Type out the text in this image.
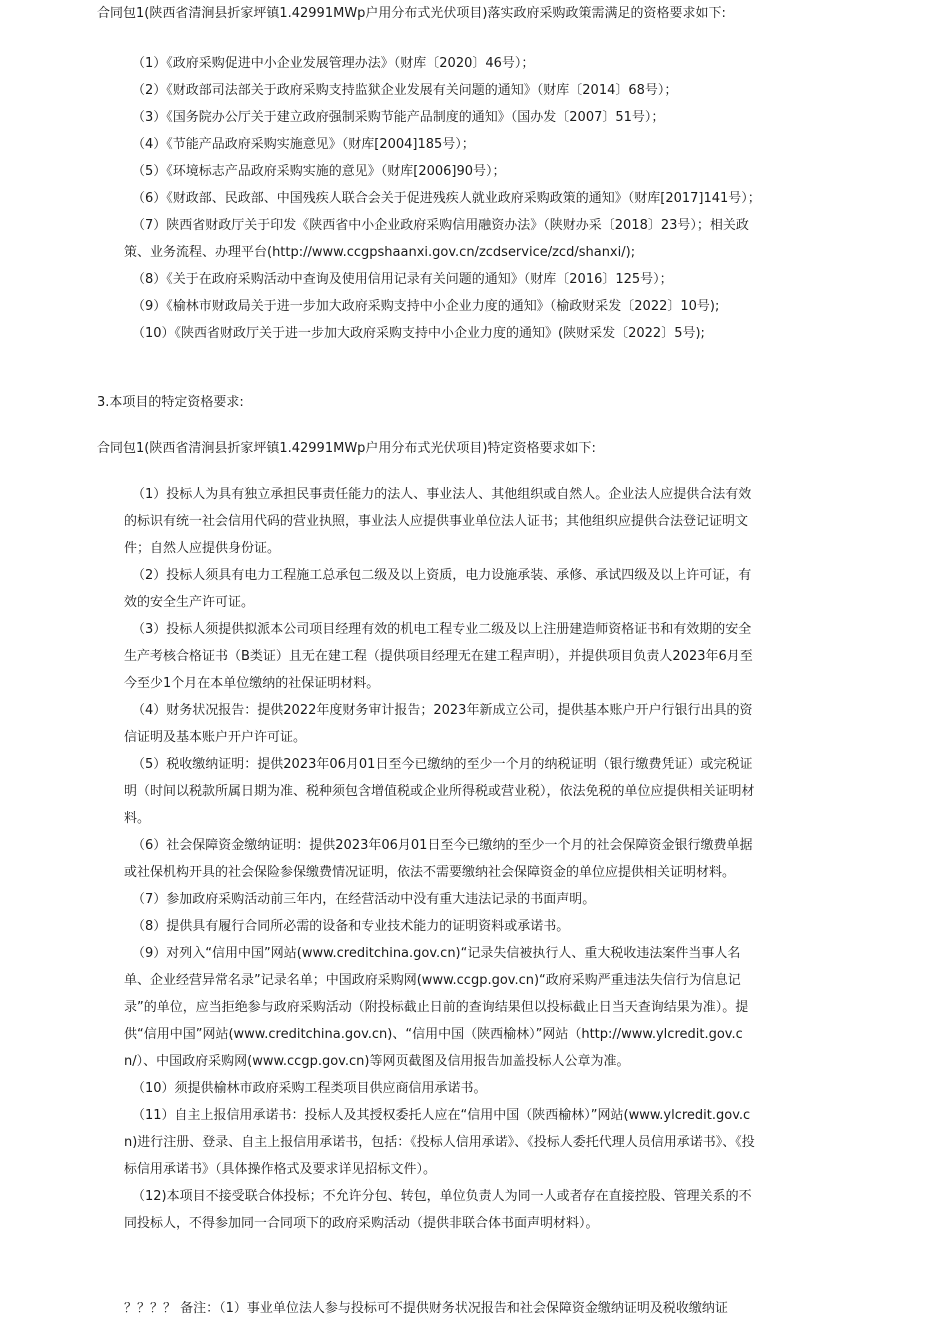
合同包1(陕西省清涧县折家坪镇1.42991MWp户用分布式光伏项目)落实政府采购政策需满足的资格要求如下:
（1）《政府采购促进中小企业发展管理办法》（财库〔2020〕46号）；
（2）《财政部司法部关于政府采购支持监狱企业发展有关问题的通知》（财库〔2014〕68号）；
（3）《国务院办公厅关于建立政府强制采购节能产品制度的通知》（国办发〔2007〕51号）；
（4）《节能产品政府采购实施意见》（财库[2004]185号）；
（5）《环境标志产品政府采购实施的意见》（财库[2006]90号）；
（6）《财政部、民政部、中国残疾人联合会关于促进残疾人就业政府采购政策的通知》（财库[2017]141号）；
（7）陕西省财政厅关于印发《陕西省中小企业政府采购信用融资办法》（陕财办采〔2018〕23号）；相关政策、业务流程、办理平台(http://www.ccgpshaanxi.gov.cn/zcdservice/zcd/shanxi/);
（8）《关于在政府采购活动中查询及使用信用记录有关问题的通知》（财库〔2016〕125号）；
（9）《榆林市财政局关于进一步加大政府采购支持中小企业力度的通知》（榆政财采发〔2022〕10号);
（10）《陕西省财政厅关于进一步加大政府采购支持中小企业力度的通知》(陕财采发〔2022〕5号);
3.本项目的特定资格要求:
合同包1(陕西省清涧县折家坪镇1.42991MWp户用分布式光伏项目)特定资格要求如下:
（1）投标人为具有独立承担民事责任能力的法人、事业法人、其他组织或自然人。企业法人应提供合法有效的标识有统一社会信用代码的营业执照，事业法人应提供事业单位法人证书；其他组织应提供合法登记证明文件；自然人应提供身份证。
（2）投标人须具有电力工程施工总承包二级及以上资质，电力设施承装、承修、承试四级及以上许可证，有效的安全生产许可证。
（3）投标人须提供拟派本公司项目经理有效的机电工程专业二级及以上注册建造师资格证书和有效期的安全生产考核合格证书（B类证）且无在建工程（提供项目经理无在建工程声明），并提供项目负责人2023年6月至今至少1个月在本单位缴纳的社保证明材料。
（4）财务状况报告：提供2022年度财务审计报告；2023年新成立公司，提供基本账户开户行银行出具的资信证明及基本账户开户许可证。
（5）税收缴纳证明：提供2023年06月01日至今已缴纳的至少一个月的纳税证明（银行缴费凭证）或完税证明（时间以税款所属日期为准、税种须包含增值税或企业所得税或营业税），依法免税的单位应提供相关证明材料。
（6）社会保障资金缴纳证明：提供2023年06月01日至今已缴纳的至少一个月的社会保障资金银行缴费单据或社保机构开具的社会保险参保缴费情况证明，依法不需要缴纳社会保障资金的单位应提供相关证明材料。
（7）参加政府采购活动前三年内，在经营活动中没有重大违法记录的书面声明。
（8）提供具有履行合同所必需的设备和专业技术能力的证明资料或承诺书。
（9）对列入“信用中国”网站(www.creditchina.gov.cn)“记录失信被执行人、重大税收违法案件当事人名单、企业经营异常名录”记录名单；中国政府采购网(www.ccgp.gov.cn)“政府采购严重违法失信行为信息记录”的单位，应当拒绝参与政府采购活动（附投标截止日前的查询结果但以投标截止日当天查询结果为准）。提供“信用中国”网站(www.creditchina.gov.cn)、“信用中国（陕西榆林）”网站（http://www.ylcredit.gov.cn/）、中国政府采购网(www.ccgp.gov.cn)等网页截图及信用报告加盖投标人公章为准。
（10）须提供榆林市政府采购工程类项目供应商信用承诺书。
（11）自主上报信用承诺书：投标人及其授权委托人应在“信用中国（陕西榆林）”网站(www.ylcredit.gov.cn)进行注册、登录、自主上报信用承诺书，包括：《投标人信用承诺》、《投标人委托代理人员信用承诺书》、《投标信用承诺书》（具体操作格式及要求详见招标文件）。
（12)本项目不接受联合体投标；不允许分包、转包，单位负责人为同一人或者存在直接控股、管理关系的不同投标人，不得参加同一合同项下的政府采购活动（提供非联合体书面声明材料）。
？？？？ 备注：（1）事业单位法人参与投标可不提供财务状况报告和社会保障资金缴纳证明及税收缴纳证
